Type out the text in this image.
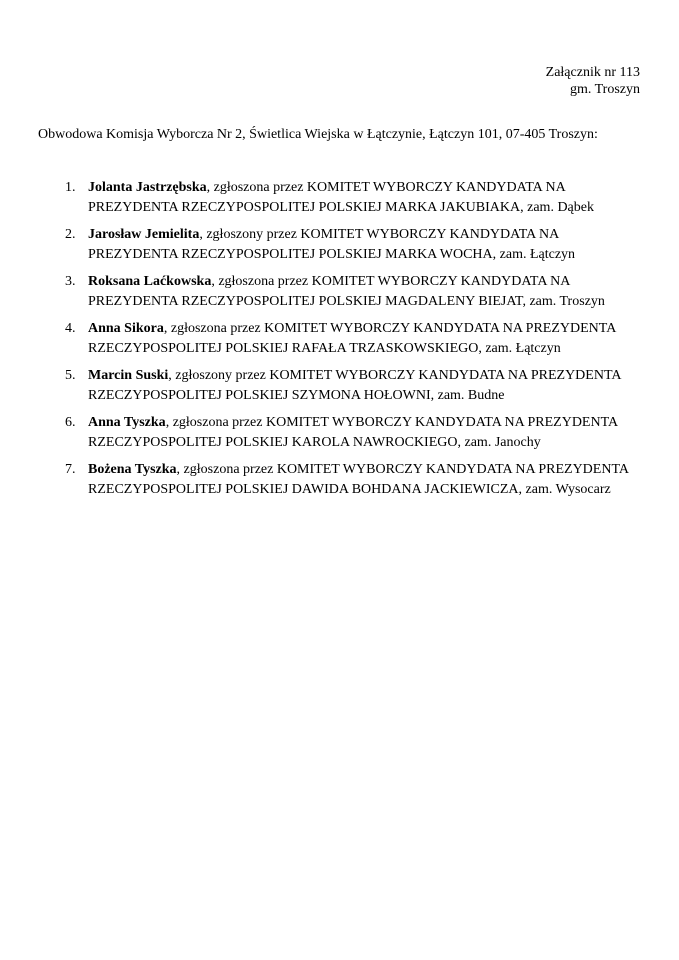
Załącznik nr 113
gm. Troszyn
Obwodowa Komisja Wyborcza Nr 2, Świetlica Wiejska w Łątczynie, Łątczyn 101, 07-405 Troszyn:
1. Jolanta Jastrzębska, zgłoszona przez KOMITET WYBORCZY KANDYDATA NA PREZYDENTA RZECZYPOSPOLITEJ POLSKIEJ MARKA JAKUBIAKA, zam. Dąbek
2. Jarosław Jemielita, zgłoszony przez KOMITET WYBORCZY KANDYDATA NA PREZYDENTA RZECZYPOSPOLITEJ POLSKIEJ MARKA WOCHA, zam. Łątczyn
3. Roksana Laćkowska, zgłoszona przez KOMITET WYBORCZY KANDYDATA NA PREZYDENTA RZECZYPOSPOLITEJ POLSKIEJ MAGDALENY BIEJAT, zam. Troszyn
4. Anna Sikora, zgłoszona przez KOMITET WYBORCZY KANDYDATA NA PREZYDENTA RZECZYPOSPOLITEJ POLSKIEJ RAFAŁA TRZASKOWSKIEGO, zam. Łątczyn
5. Marcin Suski, zgłoszony przez KOMITET WYBORCZY KANDYDATA NA PREZYDENTA RZECZYPOSPOLITEJ POLSKIEJ SZYMONA HOŁOWNI, zam. Budne
6. Anna Tyszka, zgłoszona przez KOMITET WYBORCZY KANDYDATA NA PREZYDENTA RZECZYPOSPOLITEJ POLSKIEJ KAROLA NAWROCKIEGO, zam. Janochy
7. Bożena Tyszka, zgłoszona przez KOMITET WYBORCZY KANDYDATA NA PREZYDENTA RZECZYPOSPOLITEJ POLSKIEJ DAWIDA BOHDANA JACKIEWICZA, zam. Wysocarz
